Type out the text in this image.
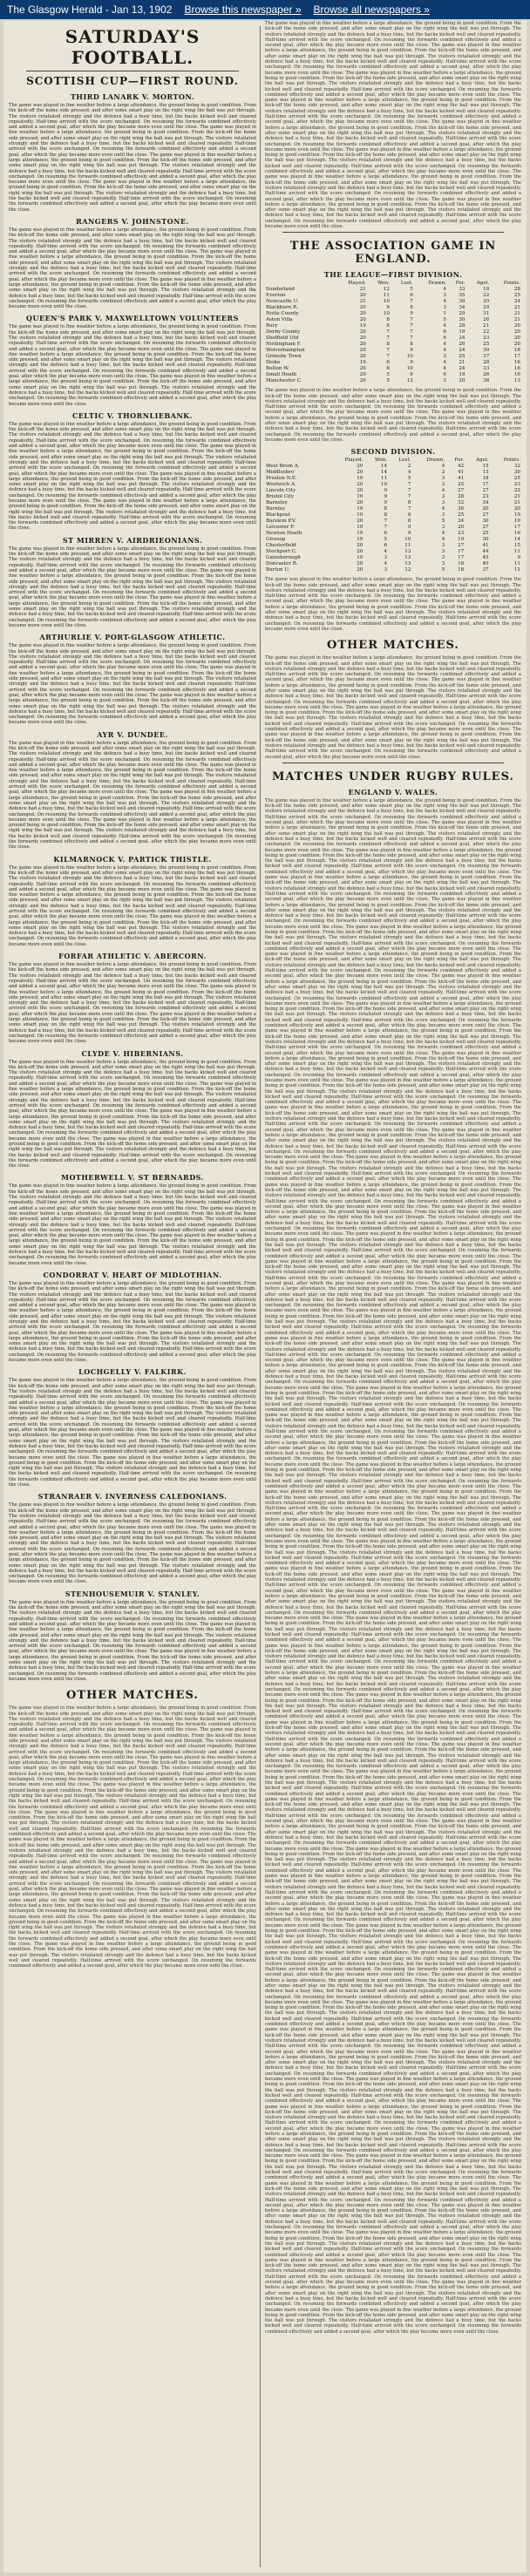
The Glasgow Herald - Jan 13, 1902 Browse this newspaper » Browse all newspapers »
SATURDAY'S FOOTBALL.
SCOTTISH CUP—FIRST ROUND.
THIRD LANARK V. MORTON.

The game was played in fine weather before a large attendance, the ground being in good condition. From the kick-off the home side pressed, and after some smart play on the right wing the ball was put through. The visitors retaliated strongly and the defence had a busy time, but the backs kicked well and cleared repeatedly. Half-time arrived with the score unchanged. On resuming the forwards combined effectively and added a second goal, after which the play became more even until the close. The game was played in fine weather before a large attendance, the ground being in good condition. From the kick-off the home side pressed, and after some smart play on the right wing the ball was put through. The visitors retaliated strongly and the defence had a busy time, but the backs kicked well and cleared repeatedly. Half-time arrived with the score unchanged. On resuming the forwards combined effectively and added a second goal, after which the play became more even until the close. The game was played in fine weather before a large attendance, the ground being in good condition. From the kick-off the home side pressed, and after some smart play on the right wing the ball was put through. The visitors retaliated strongly and the defence had a busy time, but the backs kicked well and cleared repeatedly. Half-time arrived with the score unchanged. On resuming the forwards combined effectively and added a second goal, after which the play became more even until the close. The game was played in fine weather before a large attendance, the ground being in good condition. From the kick-off the home side pressed, and after some smart play on the right wing the ball was put through. The visitors retaliated strongly and the defence had a busy time, but the backs kicked well and cleared repeatedly. Half-time arrived with the score unchanged. On resuming the forwards combined effectively and added a second goal, after which the play became more even until the close.

RANGERS V. JOHNSTONE.

The game was played in fine weather before a large attendance, the ground being in good condition. From the kick-off the home side pressed, and after some smart play on the right wing the ball was put through. The visitors retaliated strongly and the defence had a busy time, but the backs kicked well and cleared repeatedly. Half-time arrived with the score unchanged. On resuming the forwards combined effectively and added a second goal, after which the play became more even until the close. The game was played in fine weather before a large attendance, the ground being in good condition. From the kick-off the home side pressed, and after some smart play on the right wing the ball was put through. The visitors retaliated strongly and the defence had a busy time, but the backs kicked well and cleared repeatedly. Half-time arrived with the score unchanged. On resuming the forwards combined effectively and added a second goal, after which the play became more even until the close. The game was played in fine weather before a large attendance, the ground being in good condition. From the kick-off the home side pressed, and after some smart play on the right wing the ball was put through. The visitors retaliated strongly and the defence had a busy time, but the backs kicked well and cleared repeatedly. Half-time arrived with the score unchanged. On resuming the forwards combined effectively and added a second goal, after which the play became more even until the close.

QUEEN'S PARK V. MAXWELLTOWN VOLUNTEERS

The game was played in fine weather before a large attendance, the ground being in good condition. From the kick-off the home side pressed, and after some smart play on the right wing the ball was put through. The visitors retaliated strongly and the defence had a busy time, but the backs kicked well and cleared repeatedly. Half-time arrived with the score unchanged. On resuming the forwards combined effectively and added a second goal, after which the play became more even until the close. The game was played in fine weather before a large attendance, the ground being in good condition. From the kick-off the home side pressed, and after some smart play on the right wing the ball was put through. The visitors retaliated strongly and the defence had a busy time, but the backs kicked well and cleared repeatedly. Half-time arrived with the score unchanged. On resuming the forwards combined effectively and added a second goal, after which the play became more even until the close. The game was played in fine weather before a large attendance, the ground being in good condition. From the kick-off the home side pressed, and after some smart play on the right wing the ball was put through. The visitors retaliated strongly and the defence had a busy time, but the backs kicked well and cleared repeatedly. Half-time arrived with the score unchanged. On resuming the forwards combined effectively and added a second goal, after which the play became more even until the close.

CELTIC V. THORNLIEBANK.

The game was played in fine weather before a large attendance, the ground being in good condition. From the kick-off the home side pressed, and after some smart play on the right wing the ball was put through. The visitors retaliated strongly and the defence had a busy time, but the backs kicked well and cleared repeatedly. Half-time arrived with the score unchanged. On resuming the forwards combined effectively and added a second goal, after which the play became more even until the close. The game was played in fine weather before a large attendance, the ground being in good condition. From the kick-off the home side pressed, and after some smart play on the right wing the ball was put through. The visitors retaliated strongly and the defence had a busy time, but the backs kicked well and cleared repeatedly. Half-time arrived with the score unchanged. On resuming the forwards combined effectively and added a second goal, after which the play became more even until the close. The game was played in fine weather before a large attendance, the ground being in good condition. From the kick-off the home side pressed, and after some smart play on the right wing the ball was put through. The visitors retaliated strongly and the defence had a busy time, but the backs kicked well and cleared repeatedly. Half-time arrived with the score unchanged. On resuming the forwards combined effectively and added a second goal, after which the play became more even until the close. The game was played in fine weather before a large attendance, the ground being in good condition. From the kick-off the home side pressed, and after some smart play on the right wing the ball was put through. The visitors retaliated strongly and the defence had a busy time, but the backs kicked well and cleared repeatedly. Half-time arrived with the score unchanged. On resuming the forwards combined effectively and added a second goal, after which the play became more even until the close.

ST MIRREN V. AIRDRIEONIANS.

The game was played in fine weather before a large attendance, the ground being in good condition. From the kick-off the home side pressed, and after some smart play on the right wing the ball was put through. The visitors retaliated strongly and the defence had a busy time, but the backs kicked well and cleared repeatedly. Half-time arrived with the score unchanged. On resuming the forwards combined effectively and added a second goal, after which the play became more even until the close. The game was played in fine weather before a large attendance, the ground being in good condition. From the kick-off the home side pressed, and after some smart play on the right wing the ball was put through. The visitors retaliated strongly and the defence had a busy time, but the backs kicked well and cleared repeatedly. Half-time arrived with the score unchanged. On resuming the forwards combined effectively and added a second goal, after which the play became more even until the close. The game was played in fine weather before a large attendance, the ground being in good condition. From the kick-off the home side pressed, and after some smart play on the right wing the ball was put through. The visitors retaliated strongly and the defence had a busy time, but the backs kicked well and cleared repeatedly. Half-time arrived with the score unchanged. On resuming the forwards combined effectively and added a second goal, after which the play became more even until the close.

ARTHURLIE V. PORT-GLASGOW ATHLETIC.

The game was played in fine weather before a large attendance, the ground being in good condition. From the kick-off the home side pressed, and after some smart play on the right wing the ball was put through. The visitors retaliated strongly and the defence had a busy time, but the backs kicked well and cleared repeatedly. Half-time arrived with the score unchanged. On resuming the forwards combined effectively and added a second goal, after which the play became more even until the close. The game was played in fine weather before a large attendance, the ground being in good condition. From the kick-off the home side pressed, and after some smart play on the right wing the ball was put through. The visitors retaliated strongly and the defence had a busy time, but the backs kicked well and cleared repeatedly. Half-time arrived with the score unchanged. On resuming the forwards combined effectively and added a second goal, after which the play became more even until the close. The game was played in fine weather before a large attendance, the ground being in good condition. From the kick-off the home side pressed, and after some smart play on the right wing the ball was put through. The visitors retaliated strongly and the defence had a busy time, but the backs kicked well and cleared repeatedly. Half-time arrived with the score unchanged. On resuming the forwards combined effectively and added a second goal, after which the play became more even until the close.

AYR V. DUNDEE.

The game was played in fine weather before a large attendance, the ground being in good condition. From the kick-off the home side pressed, and after some smart play on the right wing the ball was put through. The visitors retaliated strongly and the defence had a busy time, but the backs kicked well and cleared repeatedly. Half-time arrived with the score unchanged. On resuming the forwards combined effectively and added a second goal, after which the play became more even until the close. The game was played in fine weather before a large attendance, the ground being in good condition. From the kick-off the home side pressed, and after some smart play on the right wing the ball was put through. The visitors retaliated strongly and the defence had a busy time, but the backs kicked well and cleared repeatedly. Half-time arrived with the score unchanged. On resuming the forwards combined effectively and added a second goal, after which the play became more even until the close. The game was played in fine weather before a large attendance, the ground being in good condition. From the kick-off the home side pressed, and after some smart play on the right wing the ball was put through. The visitors retaliated strongly and the defence had a busy time, but the backs kicked well and cleared repeatedly. Half-time arrived with the score unchanged. On resuming the forwards combined effectively and added a second goal, after which the play became more even until the close. The game was played in fine weather before a large attendance, the ground being in good condition. From the kick-off the home side pressed, and after some smart play on the right wing the ball was put through. The visitors retaliated strongly and the defence had a busy time, but the backs kicked well and cleared repeatedly. Half-time arrived with the score unchanged. On resuming the forwards combined effectively and added a second goal, after which the play became more even until the close.

KILMARNOCK V. PARTICK THISTLE.

The game was played in fine weather before a large attendance, the ground being in good condition. From the kick-off the home side pressed, and after some smart play on the right wing the ball was put through. The visitors retaliated strongly and the defence had a busy time, but the backs kicked well and cleared repeatedly. Half-time arrived with the score unchanged. On resuming the forwards combined effectively and added a second goal, after which the play became more even until the close. The game was played in fine weather before a large attendance, the ground being in good condition. From the kick-off the home side pressed, and after some smart play on the right wing the ball was put through. The visitors retaliated strongly and the defence had a busy time, but the backs kicked well and cleared repeatedly. Half-time arrived with the score unchanged. On resuming the forwards combined effectively and added a second goal, after which the play became more even until the close. The game was played in fine weather before a large attendance, the ground being in good condition. From the kick-off the home side pressed, and after some smart play on the right wing the ball was put through. The visitors retaliated strongly and the defence had a busy time, but the backs kicked well and cleared repeatedly. Half-time arrived with the score unchanged. On resuming the forwards combined effectively and added a second goal, after which the play became more even until the close.

FORFAR ATHLETIC V. ABERCORN.

The game was played in fine weather before a large attendance, the ground being in good condition. From the kick-off the home side pressed, and after some smart play on the right wing the ball was put through. The visitors retaliated strongly and the defence had a busy time, but the backs kicked well and cleared repeatedly. Half-time arrived with the score unchanged. On resuming the forwards combined effectively and added a second goal, after which the play became more even until the close. The game was played in fine weather before a large attendance, the ground being in good condition. From the kick-off the home side pressed, and after some smart play on the right wing the ball was put through. The visitors retaliated strongly and the defence had a busy time, but the backs kicked well and cleared repeatedly. Half-time arrived with the score unchanged. On resuming the forwards combined effectively and added a second goal, after which the play became more even until the close. The game was played in fine weather before a large attendance, the ground being in good condition. From the kick-off the home side pressed, and after some smart play on the right wing the ball was put through. The visitors retaliated strongly and the defence had a busy time, but the backs kicked well and cleared repeatedly. Half-time arrived with the score unchanged. On resuming the forwards combined effectively and added a second goal, after which the play became more even until the close.

CLYDE V. HIBERNIANS.

The game was played in fine weather before a large attendance, the ground being in good condition. From the kick-off the home side pressed, and after some smart play on the right wing the ball was put through. The visitors retaliated strongly and the defence had a busy time, but the backs kicked well and cleared repeatedly. Half-time arrived with the score unchanged. On resuming the forwards combined effectively and added a second goal, after which the play became more even until the close. The game was played in fine weather before a large attendance, the ground being in good condition. From the kick-off the home side pressed, and after some smart play on the right wing the ball was put through. The visitors retaliated strongly and the defence had a busy time, but the backs kicked well and cleared repeatedly. Half-time arrived with the score unchanged. On resuming the forwards combined effectively and added a second goal, after which the play became more even until the close. The game was played in fine weather before a large attendance, the ground being in good condition. From the kick-off the home side pressed, and after some smart play on the right wing the ball was put through. The visitors retaliated strongly and the defence had a busy time, but the backs kicked well and cleared repeatedly. Half-time arrived with the score unchanged. On resuming the forwards combined effectively and added a second goal, after which the play became more even until the close. The game was played in fine weather before a large attendance, the ground being in good condition. From the kick-off the home side pressed, and after some smart play on the right wing the ball was put through. The visitors retaliated strongly and the defence had a busy time, but the backs kicked well and cleared repeatedly. Half-time arrived with the score unchanged. On resuming the forwards combined effectively and added a second goal, after which the play became more even until the close.

MOTHERWELL V. ST BERNARDS.

The game was played in fine weather before a large attendance, the ground being in good condition. From the kick-off the home side pressed, and after some smart play on the right wing the ball was put through. The visitors retaliated strongly and the defence had a busy time, but the backs kicked well and cleared repeatedly. Half-time arrived with the score unchanged. On resuming the forwards combined effectively and added a second goal, after which the play became more even until the close. The game was played in fine weather before a large attendance, the ground being in good condition. From the kick-off the home side pressed, and after some smart play on the right wing the ball was put through. The visitors retaliated strongly and the defence had a busy time, but the backs kicked well and cleared repeatedly. Half-time arrived with the score unchanged. On resuming the forwards combined effectively and added a second goal, after which the play became more even until the close. The game was played in fine weather before a large attendance, the ground being in good condition. From the kick-off the home side pressed, and after some smart play on the right wing the ball was put through. The visitors retaliated strongly and the defence had a busy time, but the backs kicked well and cleared repeatedly. Half-time arrived with the score unchanged. On resuming the forwards combined effectively and added a second goal, after which the play became more even until the close.

CONDORRAT V. HEART OF MIDLOTHIAN.

The game was played in fine weather before a large attendance, the ground being in good condition. From the kick-off the home side pressed, and after some smart play on the right wing the ball was put through. The visitors retaliated strongly and the defence had a busy time, but the backs kicked well and cleared repeatedly. Half-time arrived with the score unchanged. On resuming the forwards combined effectively and added a second goal, after which the play became more even until the close. The game was played in fine weather before a large attendance, the ground being in good condition. From the kick-off the home side pressed, and after some smart play on the right wing the ball was put through. The visitors retaliated strongly and the defence had a busy time, but the backs kicked well and cleared repeatedly. Half-time arrived with the score unchanged. On resuming the forwards combined effectively and added a second goal, after which the play became more even until the close. The game was played in fine weather before a large attendance, the ground being in good condition. From the kick-off the home side pressed, and after some smart play on the right wing the ball was put through. The visitors retaliated strongly and the defence had a busy time, but the backs kicked well and cleared repeatedly. Half-time arrived with the score unchanged. On resuming the forwards combined effectively and added a second goal, after which the play became more even until the close.

LOCHGELLY V. FALKIRK.

The game was played in fine weather before a large attendance, the ground being in good condition. From the kick-off the home side pressed, and after some smart play on the right wing the ball was put through. The visitors retaliated strongly and the defence had a busy time, but the backs kicked well and cleared repeatedly. Half-time arrived with the score unchanged. On resuming the forwards combined effectively and added a second goal, after which the play became more even until the close. The game was played in fine weather before a large attendance, the ground being in good condition. From the kick-off the home side pressed, and after some smart play on the right wing the ball was put through. The visitors retaliated strongly and the defence had a busy time, but the backs kicked well and cleared repeatedly. Half-time arrived with the score unchanged. On resuming the forwards combined effectively and added a second goal, after which the play became more even until the close. The game was played in fine weather before a large attendance, the ground being in good condition. From the kick-off the home side pressed, and after some smart play on the right wing the ball was put through. The visitors retaliated strongly and the defence had a busy time, but the backs kicked well and cleared repeatedly. Half-time arrived with the score unchanged. On resuming the forwards combined effectively and added a second goal, after which the play became more even until the close. The game was played in fine weather before a large attendance, the ground being in good condition. From the kick-off the home side pressed, and after some smart play on the right wing the ball was put through. The visitors retaliated strongly and the defence had a busy time, but the backs kicked well and cleared repeatedly. Half-time arrived with the score unchanged. On resuming the forwards combined effectively and added a second goal, after which the play became more even until the close.

STRANRAER V. INVERNESS CALEDONIANS.

The game was played in fine weather before a large attendance, the ground being in good condition. From the kick-off the home side pressed, and after some smart play on the right wing the ball was put through. The visitors retaliated strongly and the defence had a busy time, but the backs kicked well and cleared repeatedly. Half-time arrived with the score unchanged. On resuming the forwards combined effectively and added a second goal, after which the play became more even until the close. The game was played in fine weather before a large attendance, the ground being in good condition. From the kick-off the home side pressed, and after some smart play on the right wing the ball was put through. The visitors retaliated strongly and the defence had a busy time, but the backs kicked well and cleared repeatedly. Half-time arrived with the score unchanged. On resuming the forwards combined effectively and added a second goal, after which the play became more even until the close. The game was played in fine weather before a large attendance, the ground being in good condition. From the kick-off the home side pressed, and after some smart play on the right wing the ball was put through. The visitors retaliated strongly and the defence had a busy time, but the backs kicked well and cleared repeatedly. Half-time arrived with the score unchanged. On resuming the forwards combined effectively and added a second goal, after which the play became more even until the close.

STENHOUSEMUIR V. STANLEY.

The game was played in fine weather before a large attendance, the ground being in good condition. From the kick-off the home side pressed, and after some smart play on the right wing the ball was put through. The visitors retaliated strongly and the defence had a busy time, but the backs kicked well and cleared repeatedly. Half-time arrived with the score unchanged. On resuming the forwards combined effectively and added a second goal, after which the play became more even until the close. The game was played in fine weather before a large attendance, the ground being in good condition. From the kick-off the home side pressed, and after some smart play on the right wing the ball was put through. The visitors retaliated strongly and the defence had a busy time, but the backs kicked well and cleared repeatedly. Half-time arrived with the score unchanged. On resuming the forwards combined effectively and added a second goal, after which the play became more even until the close. The game was played in fine weather before a large attendance, the ground being in good condition. From the kick-off the home side pressed, and after some smart play on the right wing the ball was put through. The visitors retaliated strongly and the defence had a busy time, but the backs kicked well and cleared repeatedly. Half-time arrived with the score unchanged. On resuming the forwards combined effectively and added a second goal, after which the play became more even until the close.

OTHER MATCHES.
The game was played in fine weather before a large attendance, the ground being in good condition. From the kick-off the home side pressed, and after some smart play on the right wing the ball was put through. The visitors retaliated strongly and the defence had a busy time, but the backs kicked well and cleared repeatedly. Half-time arrived with the score unchanged. On resuming the forwards combined effectively and added a second goal, after which the play became more even until the close. The game was played in fine weather before a large attendance, the ground being in good condition. From the kick-off the home side pressed, and after some smart play on the right wing the ball was put through. The visitors retaliated strongly and the defence had a busy time, but the backs kicked well and cleared repeatedly. Half-time arrived with the score unchanged. On resuming the forwards combined effectively and added a second goal, after which the play became more even until the close. The game was played in fine weather before a large attendance, the ground being in good condition. From the kick-off the home side pressed, and after some smart play on the right wing the ball was put through. The visitors retaliated strongly and the defence had a busy time, but the backs kicked well and cleared repeatedly. Half-time arrived with the score unchanged. On resuming the forwards combined effectively and added a second goal, after which the play became more even until the close. The game was played in fine weather before a large attendance, the ground being in good condition. From the kick-off the home side pressed, and after some smart play on the right wing the ball was put through. The visitors retaliated strongly and the defence had a busy time, but the backs kicked well and cleared repeatedly. Half-time arrived with the score unchanged. On resuming the forwards combined effectively and added a second goal, after which the play became more even until the close. The game was played in fine weather before a large attendance, the ground being in good condition. From the kick-off the home side pressed, and after some smart play on the right wing the ball was put through. The visitors retaliated strongly and the defence had a busy time, but the backs kicked well and cleared repeatedly. Half-time arrived with the score unchanged. On resuming the forwards combined effectively and added a second goal, after which the play became more even until the close. The game was played in fine weather before a large attendance, the ground being in good condition. From the kick-off the home side pressed, and after some smart play on the right wing the ball was put through. The visitors retaliated strongly and the defence had a busy time, but the backs kicked well and cleared repeatedly. Half-time arrived with the score unchanged. On resuming the forwards combined effectively and added a second goal, after which the play became more even until the close. The game was played in fine weather before a large attendance, the ground being in good condition. From the kick-off the home side pressed, and after some smart play on the right wing the ball was put through. The visitors retaliated strongly and the defence had a busy time, but the backs kicked well and cleared repeatedly. Half-time arrived with the score unchanged. On resuming the forwards combined effectively and added a second goal, after which the play became more even until the close. The game was played in fine weather before a large attendance, the ground being in good condition. From the kick-off the home side pressed, and after some smart play on the right wing the ball was put through. The visitors retaliated strongly and the defence had a busy time, but the backs kicked well and cleared repeatedly. Half-time arrived with the score unchanged. On resuming the forwards combined effectively and added a second goal, after which the play became more even until the close. The game was played in fine weather before a large attendance, the ground being in good condition. From the kick-off the home side pressed, and after some smart play on the right wing the ball was put through. The visitors retaliated strongly and the defence had a busy time, but the backs kicked well and cleared repeatedly. Half-time arrived with the score unchanged. On resuming the forwards combined effectively and added a second goal, after which the play became more even until the close. The game was played in fine weather before a large attendance, the ground being in good condition. From the kick-off the home side pressed, and after some smart play on the right wing the ball was put through. The visitors retaliated strongly and the defence had a busy time, but the backs kicked well and cleared repeatedly. Half-time arrived with the score unchanged. On resuming the forwards combined effectively and added a second goal, after which the play became more even until the close.
The game was played in fine weather before a large attendance, the ground being in good condition. From the kick-off the home side pressed, and after some smart play on the right wing the ball was put through. The visitors retaliated strongly and the defence had a busy time, but the backs kicked well and cleared repeatedly. Half-time arrived with the score unchanged. On resuming the forwards combined effectively and added a second goal, after which the play became more even until the close. The game was played in fine weather before a large attendance, the ground being in good condition. From the kick-off the home side pressed, and after some smart play on the right wing the ball was put through. The visitors retaliated strongly and the defence had a busy time, but the backs kicked well and cleared repeatedly. Half-time arrived with the score unchanged. On resuming the forwards combined effectively and added a second goal, after which the play became more even until the close. The game was played in fine weather before a large attendance, the ground being in good condition. From the kick-off the home side pressed, and after some smart play on the right wing the ball was put through. The visitors retaliated strongly and the defence had a busy time, but the backs kicked well and cleared repeatedly. Half-time arrived with the score unchanged. On resuming the forwards combined effectively and added a second goal, after which the play became more even until the close. The game was played in fine weather before a large attendance, the ground being in good condition. From the kick-off the home side pressed, and after some smart play on the right wing the ball was put through. The visitors retaliated strongly and the defence had a busy time, but the backs kicked well and cleared repeatedly. Half-time arrived with the score unchanged. On resuming the forwards combined effectively and added a second goal, after which the play became more even until the close. The game was played in fine weather before a large attendance, the ground being in good condition. From the kick-off the home side pressed, and after some smart play on the right wing the ball was put through. The visitors retaliated strongly and the defence had a busy time, but the backs kicked well and cleared repeatedly. Half-time arrived with the score unchanged. On resuming the forwards combined effectively and added a second goal, after which the play became more even until the close. The game was played in fine weather before a large attendance, the ground being in good condition. From the kick-off the home side pressed, and after some smart play on the right wing the ball was put through. The visitors retaliated strongly and the defence had a busy time, but the backs kicked well and cleared repeatedly. Half-time arrived with the score unchanged. On resuming the forwards combined effectively and added a second goal, after which the play became more even until the close. The game was played in fine weather before a large attendance, the ground being in good condition. From the kick-off the home side pressed, and after some smart play on the right wing the ball was put through. The visitors retaliated strongly and the defence had a busy time, but the backs kicked well and cleared repeatedly. Half-time arrived with the score unchanged. On resuming the forwards combined effectively and added a second goal, after which the play became more even until the close. The game was played in fine weather before a large attendance, the ground being in good condition. From the kick-off the home side pressed, and after some smart play on the right wing the ball was put through. The visitors retaliated strongly and the defence had a busy time, but the backs kicked well and cleared repeatedly. Half-time arrived with the score unchanged. On resuming the forwards combined effectively and added a second goal, after which the play became more even until the close.
THE ASSOCIATION GAME IN ENGLAND.
THE LEAGUE—FIRST DIVISION.
	Played.	Won.	Lost.	Drawn.	For.	Agst.	Points.
Sunderland	21	12	5	4	33	18	28
Everton	20	11	6	3	35	22	25
Newcastle U.	21	10	7	4	30	20	24
Blackburn R.	20	9	8	3	34	29	21
Notts County	20	10	9	1	29	31	21
Aston Villa	20	8	7	5	30	26	21
Bury	19	8	7	4	28	21	20
Derby County	20	7	7	6	19	22	20
Sheffield Utd	20	7	7	6	24	23	20
Nottingham F.	20	8	8	4	26	25	20
Wolverhampton	20	7	9	4	24	30	18
Grimsby Town	20	7	10	3	25	37	17
Stoke	19	6	9	4	21	28	16
Bolton W.	20	6	10	4	24	33	16
Small Heath	20	5	9	6	19	26	16
Manchester C.	20	5	12	3	20	36	13
The game was played in fine weather before a large attendance, the ground being in good condition. From the kick-off the home side pressed, and after some smart play on the right wing the ball was put through. The visitors retaliated strongly and the defence had a busy time, but the backs kicked well and cleared repeatedly. Half-time arrived with the score unchanged. On resuming the forwards combined effectively and added a second goal, after which the play became more even until the close. The game was played in fine weather before a large attendance, the ground being in good condition. From the kick-off the home side pressed, and after some smart play on the right wing the ball was put through. The visitors retaliated strongly and the defence had a busy time, but the backs kicked well and cleared repeatedly. Half-time arrived with the score unchanged. On resuming the forwards combined effectively and added a second goal, after which the play became more even until the close.
SECOND DIVISION.
	Played.	Won.	Lost.	Drawn.	For.	Agst.	Points.
West Brom A.	20	14	2	4	42	15	32
Middlesbro'	20	14	4	2	41	13	30
Preston N.E.	19	11	5	3	41	18	25
Woolwich A.	20	10	7	3	25	17	23
Lincoln City	20	9	7	4	27	27	22
Bristol City	19	9	7	3	28	23	21
Barnsley	20	9	8	3	32	34	21
Burnley	19	8	7	4	26	20	20
Blackpool	19	8	8	3	25	27	19
Burslem P.V.	20	7	8	5	24	30	19
Leicester F.	19	7	9	3	20	27	17
Newton Heath	19	6	9	4	23	25	16
Glossop	19	5	10	4	19	30	14
Chesterfield	20	6	11	3	27	41	15
Stockport C.	20	4	13	3	17	44	11
Gainsborough	19	3	13	3	17	45	9
Doncaster R.	20	4	13	3	18	40	11
Burton U.	20	3	12	5	18	37	11
The game was played in fine weather before a large attendance, the ground being in good condition. From the kick-off the home side pressed, and after some smart play on the right wing the ball was put through. The visitors retaliated strongly and the defence had a busy time, but the backs kicked well and cleared repeatedly. Half-time arrived with the score unchanged. On resuming the forwards combined effectively and added a second goal, after which the play became more even until the close. The game was played in fine weather before a large attendance, the ground being in good condition. From the kick-off the home side pressed, and after some smart play on the right wing the ball was put through. The visitors retaliated strongly and the defence had a busy time, but the backs kicked well and cleared repeatedly. Half-time arrived with the score unchanged. On resuming the forwards combined effectively and added a second goal, after which the play became more even until the close.
OTHER MATCHES.
The game was played in fine weather before a large attendance, the ground being in good condition. From the kick-off the home side pressed, and after some smart play on the right wing the ball was put through. The visitors retaliated strongly and the defence had a busy time, but the backs kicked well and cleared repeatedly. Half-time arrived with the score unchanged. On resuming the forwards combined effectively and added a second goal, after which the play became more even until the close. The game was played in fine weather before a large attendance, the ground being in good condition. From the kick-off the home side pressed, and after some smart play on the right wing the ball was put through. The visitors retaliated strongly and the defence had a busy time, but the backs kicked well and cleared repeatedly. Half-time arrived with the score unchanged. On resuming the forwards combined effectively and added a second goal, after which the play became more even until the close. The game was played in fine weather before a large attendance, the ground being in good condition. From the kick-off the home side pressed, and after some smart play on the right wing the ball was put through. The visitors retaliated strongly and the defence had a busy time, but the backs kicked well and cleared repeatedly. Half-time arrived with the score unchanged. On resuming the forwards combined effectively and added a second goal, after which the play became more even until the close. The game was played in fine weather before a large attendance, the ground being in good condition. From the kick-off the home side pressed, and after some smart play on the right wing the ball was put through. The visitors retaliated strongly and the defence had a busy time, but the backs kicked well and cleared repeatedly. Half-time arrived with the score unchanged. On resuming the forwards combined effectively and added a second goal, after which the play became more even until the close.
MATCHES UNDER RUGBY RULES.
ENGLAND V. WALES.
The game was played in fine weather before a large attendance, the ground being in good condition. From the kick-off the home side pressed, and after some smart play on the right wing the ball was put through. The visitors retaliated strongly and the defence had a busy time, but the backs kicked well and cleared repeatedly. Half-time arrived with the score unchanged. On resuming the forwards combined effectively and added a second goal, after which the play became more even until the close. The game was played in fine weather before a large attendance, the ground being in good condition. From the kick-off the home side pressed, and after some smart play on the right wing the ball was put through. The visitors retaliated strongly and the defence had a busy time, but the backs kicked well and cleared repeatedly. Half-time arrived with the score unchanged. On resuming the forwards combined effectively and added a second goal, after which the play became more even until the close. The game was played in fine weather before a large attendance, the ground being in good condition. From the kick-off the home side pressed, and after some smart play on the right wing the ball was put through. The visitors retaliated strongly and the defence had a busy time, but the backs kicked well and cleared repeatedly. Half-time arrived with the score unchanged. On resuming the forwards combined effectively and added a second goal, after which the play became more even until the close. The game was played in fine weather before a large attendance, the ground being in good condition. From the kick-off the home side pressed, and after some smart play on the right wing the ball was put through. The visitors retaliated strongly and the defence had a busy time, but the backs kicked well and cleared repeatedly. Half-time arrived with the score unchanged. On resuming the forwards combined effectively and added a second goal, after which the play became more even until the close. The game was played in fine weather before a large attendance, the ground being in good condition. From the kick-off the home side pressed, and after some smart play on the right wing the ball was put through. The visitors retaliated strongly and the defence had a busy time, but the backs kicked well and cleared repeatedly. Half-time arrived with the score unchanged. On resuming the forwards combined effectively and added a second goal, after which the play became more even until the close. The game was played in fine weather before a large attendance, the ground being in good condition. From the kick-off the home side pressed, and after some smart play on the right wing the ball was put through. The visitors retaliated strongly and the defence had a busy time, but the backs kicked well and cleared repeatedly. Half-time arrived with the score unchanged. On resuming the forwards combined effectively and added a second goal, after which the play became more even until the close. The game was played in fine weather before a large attendance, the ground being in good condition. From the kick-off the home side pressed, and after some smart play on the right wing the ball was put through. The visitors retaliated strongly and the defence had a busy time, but the backs kicked well and cleared repeatedly. Half-time arrived with the score unchanged. On resuming the forwards combined effectively and added a second goal, after which the play became more even until the close. The game was played in fine weather before a large attendance, the ground being in good condition. From the kick-off the home side pressed, and after some smart play on the right wing the ball was put through. The visitors retaliated strongly and the defence had a busy time, but the backs kicked well and cleared repeatedly. Half-time arrived with the score unchanged. On resuming the forwards combined effectively and added a second goal, after which the play became more even until the close. The game was played in fine weather before a large attendance, the ground being in good condition. From the kick-off the home side pressed, and after some smart play on the right wing the ball was put through. The visitors retaliated strongly and the defence had a busy time, but the backs kicked well and cleared repeatedly. Half-time arrived with the score unchanged. On resuming the forwards combined effectively and added a second goal, after which the play became more even until the close. The game was played in fine weather before a large attendance, the ground being in good condition. From the kick-off the home side pressed, and after some smart play on the right wing the ball was put through. The visitors retaliated strongly and the defence had a busy time, but the backs kicked well and cleared repeatedly. Half-time arrived with the score unchanged. On resuming the forwards combined effectively and added a second goal, after which the play became more even until the close. The game was played in fine weather before a large attendance, the ground being in good condition. From the kick-off the home side pressed, and after some smart play on the right wing the ball was put through. The visitors retaliated strongly and the defence had a busy time, but the backs kicked well and cleared repeatedly. Half-time arrived with the score unchanged. On resuming the forwards combined effectively and added a second goal, after which the play became more even until the close. The game was played in fine weather before a large attendance, the ground being in good condition. From the kick-off the home side pressed, and after some smart play on the right wing the ball was put through. The visitors retaliated strongly and the defence had a busy time, but the backs kicked well and cleared repeatedly. Half-time arrived with the score unchanged. On resuming the forwards combined effectively and added a second goal, after which the play became more even until the close. The game was played in fine weather before a large attendance, the ground being in good condition. From the kick-off the home side pressed, and after some smart play on the right wing the ball was put through. The visitors retaliated strongly and the defence had a busy time, but the backs kicked well and cleared repeatedly. Half-time arrived with the score unchanged. On resuming the forwards combined effectively and added a second goal, after which the play became more even until the close. The game was played in fine weather before a large attendance, the ground being in good condition. From the kick-off the home side pressed, and after some smart play on the right wing the ball was put through. The visitors retaliated strongly and the defence had a busy time, but the backs kicked well and cleared repeatedly. Half-time arrived with the score unchanged. On resuming the forwards combined effectively and added a second goal, after which the play became more even until the close. The game was played in fine weather before a large attendance, the ground being in good condition. From the kick-off the home side pressed, and after some smart play on the right wing the ball was put through. The visitors retaliated strongly and the defence had a busy time, but the backs kicked well and cleared repeatedly. Half-time arrived with the score unchanged. On resuming the forwards combined effectively and added a second goal, after which the play became more even until the close. The game was played in fine weather before a large attendance, the ground being in good condition. From the kick-off the home side pressed, and after some smart play on the right wing the ball was put through. The visitors retaliated strongly and the defence had a busy time, but the backs kicked well and cleared repeatedly. Half-time arrived with the score unchanged. On resuming the forwards combined effectively and added a second goal, after which the play became more even until the close. The game was played in fine weather before a large attendance, the ground being in good condition. From the kick-off the home side pressed, and after some smart play on the right wing the ball was put through. The visitors retaliated strongly and the defence had a busy time, but the backs kicked well and cleared repeatedly. Half-time arrived with the score unchanged. On resuming the forwards combined effectively and added a second goal, after which the play became more even until the close. The game was played in fine weather before a large attendance, the ground being in good condition. From the kick-off the home side pressed, and after some smart play on the right wing the ball was put through. The visitors retaliated strongly and the defence had a busy time, but the backs kicked well and cleared repeatedly. Half-time arrived with the score unchanged. On resuming the forwards combined effectively and added a second goal, after which the play became more even until the close. The game was played in fine weather before a large attendance, the ground being in good condition. From the kick-off the home side pressed, and after some smart play on the right wing the ball was put through. The visitors retaliated strongly and the defence had a busy time, but the backs kicked well and cleared repeatedly. Half-time arrived with the score unchanged. On resuming the forwards combined effectively and added a second goal, after which the play became more even until the close. The game was played in fine weather before a large attendance, the ground being in good condition. From the kick-off the home side pressed, and after some smart play on the right wing the ball was put through. The visitors retaliated strongly and the defence had a busy time, but the backs kicked well and cleared repeatedly. Half-time arrived with the score unchanged. On resuming the forwards combined effectively and added a second goal, after which the play became more even until the close. The game was played in fine weather before a large attendance, the ground being in good condition. From the kick-off the home side pressed, and after some smart play on the right wing the ball was put through. The visitors retaliated strongly and the defence had a busy time, but the backs kicked well and cleared repeatedly. Half-time arrived with the score unchanged. On resuming the forwards combined effectively and added a second goal, after which the play became more even until the close. The game was played in fine weather before a large attendance, the ground being in good condition. From the kick-off the home side pressed, and after some smart play on the right wing the ball was put through. The visitors retaliated strongly and the defence had a busy time, but the backs kicked well and cleared repeatedly. Half-time arrived with the score unchanged. On resuming the forwards combined effectively and added a second goal, after which the play became more even until the close. The game was played in fine weather before a large attendance, the ground being in good condition. From the kick-off the home side pressed, and after some smart play on the right wing the ball was put through. The visitors retaliated strongly and the defence had a busy time, but the backs kicked well and cleared repeatedly. Half-time arrived with the score unchanged. On resuming the forwards combined effectively and added a second goal, after which the play became more even until the close. The game was played in fine weather before a large attendance, the ground being in good condition. From the kick-off the home side pressed, and after some smart play on the right wing the ball was put through. The visitors retaliated strongly and the defence had a busy time, but the backs kicked well and cleared repeatedly. Half-time arrived with the score unchanged. On resuming the forwards combined effectively and added a second goal, after which the play became more even until the close. The game was played in fine weather before a large attendance, the ground being in good condition. From the kick-off the home side pressed, and after some smart play on the right wing the ball was put through. The visitors retaliated strongly and the defence had a busy time, but the backs kicked well and cleared repeatedly. Half-time arrived with the score unchanged. On resuming the forwards combined effectively and added a second goal, after which the play became more even until the close. The game was played in fine weather before a large attendance, the ground being in good condition. From the kick-off the home side pressed, and after some smart play on the right wing the ball was put through. The visitors retaliated strongly and the defence had a busy time, but the backs kicked well and cleared repeatedly. Half-time arrived with the score unchanged. On resuming the forwards combined effectively and added a second goal, after which the play became more even until the close. The game was played in fine weather before a large attendance, the ground being in good condition. From the kick-off the home side pressed, and after some smart play on the right wing the ball was put through. The visitors retaliated strongly and the defence had a busy time, but the backs kicked well and cleared repeatedly. Half-time arrived with the score unchanged. On resuming the forwards combined effectively and added a second goal, after which the play became more even until the close. The game was played in fine weather before a large attendance, the ground being in good condition. From the kick-off the home side pressed, and after some smart play on the right wing the ball was put through. The visitors retaliated strongly and the defence had a busy time, but the backs kicked well and cleared repeatedly. Half-time arrived with the score unchanged. On resuming the forwards combined effectively and added a second goal, after which the play became more even until the close. The game was played in fine weather before a large attendance, the ground being in good condition. From the kick-off the home side pressed, and after some smart play on the right wing the ball was put through. The visitors retaliated strongly and the defence had a busy time, but the backs kicked well and cleared repeatedly. Half-time arrived with the score unchanged. On resuming the forwards combined effectively and added a second goal, after which the play became more even until the close. The game was played in fine weather before a large attendance, the ground being in good condition. From the kick-off the home side pressed, and after some smart play on the right wing the ball was put through. The visitors retaliated strongly and the defence had a busy time, but the backs kicked well and cleared repeatedly. Half-time arrived with the score unchanged. On resuming the forwards combined effectively and added a second goal, after which the play became more even until the close. The game was played in fine weather before a large attendance, the ground being in good condition. From the kick-off the home side pressed, and after some smart play on the right wing the ball was put through. The visitors retaliated strongly and the defence had a busy time, but the backs kicked well and cleared repeatedly. Half-time arrived with the score unchanged. On resuming the forwards combined effectively and added a second goal, after which the play became more even until the close. The game was played in fine weather before a large attendance, the ground being in good condition. From the kick-off the home side pressed, and after some smart play on the right wing the ball was put through. The visitors retaliated strongly and the defence had a busy time, but the backs kicked well and cleared repeatedly. Half-time arrived with the score unchanged. On resuming the forwards combined effectively and added a second goal, after which the play became more even until the close. The game was played in fine weather before a large attendance, the ground being in good condition. From the kick-off the home side pressed, and after some smart play on the right wing the ball was put through. The visitors retaliated strongly and the defence had a busy time, but the backs kicked well and cleared repeatedly. Half-time arrived with the score unchanged. On resuming the forwards combined effectively and added a second goal, after which the play became more even until the close. The game was played in fine weather before a large attendance, the ground being in good condition. From the kick-off the home side pressed, and after some smart play on the right wing the ball was put through. The visitors retaliated strongly and the defence had a busy time, but the backs kicked well and cleared repeatedly. Half-time arrived with the score unchanged. On resuming the forwards combined effectively and added a second goal, after which the play became more even until the close. The game was played in fine weather before a large attendance, the ground being in good condition. From the kick-off the home side pressed, and after some smart play on the right wing the ball was put through. The visitors retaliated strongly and the defence had a busy time, but the backs kicked well and cleared repeatedly. Half-time arrived with the score unchanged. On resuming the forwards combined effectively and added a second goal, after which the play became more even until the close. The game was played in fine weather before a large attendance, the ground being in good condition. From the kick-off the home side pressed, and after some smart play on the right wing the ball was put through. The visitors retaliated strongly and the defence had a busy time, but the backs kicked well and cleared repeatedly. Half-time arrived with the score unchanged. On resuming the forwards combined effectively and added a second goal, after which the play became more even until the close. The game was played in fine weather before a large attendance, the ground being in good condition. From the kick-off the home side pressed, and after some smart play on the right wing the ball was put through. The visitors retaliated strongly and the defence had a busy time, but the backs kicked well and cleared repeatedly. Half-time arrived with the score unchanged. On resuming the forwards combined effectively and added a second goal, after which the play became more even until the close. The game was played in fine weather before a large attendance, the ground being in good condition. From the kick-off the home side pressed, and after some smart play on the right wing the ball was put through. The visitors retaliated strongly and the defence had a busy time, but the backs kicked well and cleared repeatedly. Half-time arrived with the score unchanged. On resuming the forwards combined effectively and added a second goal, after which the play became more even until the close. The game was played in fine weather before a large attendance, the ground being in good condition. From the kick-off the home side pressed, and after some smart play on the right wing the ball was put through. The visitors retaliated strongly and the defence had a busy time, but the backs kicked well and cleared repeatedly. Half-time arrived with the score unchanged. On resuming the forwards combined effectively and added a second goal, after which the play became more even until the close. The game was played in fine weather before a large attendance, the ground being in good condition. From the kick-off the home side pressed, and after some smart play on the right wing the ball was put through. The visitors retaliated strongly and the defence had a busy time, but the backs kicked well and cleared repeatedly. Half-time arrived with the score unchanged. On resuming the forwards combined effectively and added a second goal, after which the play became more even until the close. The game was played in fine weather before a large attendance, the ground being in good condition. From the kick-off the home side pressed, and after some smart play on the right wing the ball was put through. The visitors retaliated strongly and the defence had a busy time, but the backs kicked well and cleared repeatedly. Half-time arrived with the score unchanged. On resuming the forwards combined effectively and added a second goal, after which the play became more even until the close. The game was played in fine weather before a large attendance, the ground being in good condition. From the kick-off the home side pressed, and after some smart play on the right wing the ball was put through. The visitors retaliated strongly and the defence had a busy time, but the backs kicked well and cleared repeatedly. Half-time arrived with the score unchanged. On resuming the forwards combined effectively and added a second goal, after which the play became more even until the close. The game was played in fine weather before a large attendance, the ground being in good condition. From the kick-off the home side pressed, and after some smart play on the right wing the ball was put through. The visitors retaliated strongly and the defence had a busy time, but the backs kicked well and cleared repeatedly. Half-time arrived with the score unchanged. On resuming the forwards combined effectively and added a second goal, after which the play became more even until the close. The game was played in fine weather before a large attendance, the ground being in good condition. From the kick-off the home side pressed, and after some smart play on the right wing the ball was put through. The visitors retaliated strongly and the defence had a busy time, but the backs kicked well and cleared repeatedly. Half-time arrived with the score unchanged. On resuming the forwards combined effectively and added a second goal, after which the play became more even until the close. The game was played in fine weather before a large attendance, the ground being in good condition. From the kick-off the home side pressed, and after some smart play on the right wing the ball was put through. The visitors retaliated strongly and the defence had a busy time, but the backs kicked well and cleared repeatedly. Half-time arrived with the score unchanged. On resuming the forwards combined effectively and added a second goal, after which the play became more even until the close. The game was played in fine weather before a large attendance, the ground being in good condition. From the kick-off the home side pressed, and after some smart play on the right wing the ball was put through. The visitors retaliated strongly and the defence had a busy time, but the backs kicked well and cleared repeatedly. Half-time arrived with the score unchanged. On resuming the forwards combined effectively and added a second goal, after which the play became more even until the close. The game was played in fine weather before a large attendance, the ground being in good condition. From the kick-off the home side pressed, and after some smart play on the right wing the ball was put through. The visitors retaliated strongly and the defence had a busy time, but the backs kicked well and cleared repeatedly. Half-time arrived with the score unchanged. On resuming the forwards combined effectively and added a second goal, after which the play became more even until the close. The game was played in fine weather before a large attendance, the ground being in good condition. From the kick-off the home side pressed, and after some smart play on the right wing the ball was put through. The visitors retaliated strongly and the defence had a busy time, but the backs kicked well and cleared repeatedly. Half-time arrived with the score unchanged. On resuming the forwards combined effectively and added a second goal, after which the play became more even until the close. The game was played in fine weather before a large attendance, the ground being in good condition. From the kick-off the home side pressed, and after some smart play on the right wing the ball was put through. The visitors retaliated strongly and the defence had a busy time, but the backs kicked well and cleared repeatedly. Half-time arrived with the score unchanged. On resuming the forwards combined effectively and added a second goal, after which the play became more even until the close. The game was played in fine weather before a large attendance, the ground being in good condition. From the kick-off the home side pressed, and after some smart play on the right wing the ball was put through. The visitors retaliated strongly and the defence had a busy time, but the backs kicked well and cleared repeatedly. Half-time arrived with the score unchanged. On resuming the forwards combined effectively and added a second goal, after which the play became more even until the close. The game was played in fine weather before a large attendance, the ground being in good condition. From the kick-off the home side pressed, and after some smart play on the right wing the ball was put through. The visitors retaliated strongly and the defence had a busy time, but the backs kicked well and cleared repeatedly. Half-time arrived with the score unchanged. On resuming the forwards combined effectively and added a second goal, after which the play became more even until the close. The game was played in fine weather before a large attendance, the ground being in good condition. From the kick-off the home side pressed, and after some smart play on the right wing the ball was put through. The visitors retaliated strongly and the defence had a busy time, but the backs kicked well and cleared repeatedly. Half-time arrived with the score unchanged. On resuming the forwards combined effectively and added a second goal, after which the play became more even until the close. The game was played in fine weather before a large attendance, the ground being in good condition. From the kick-off the home side pressed, and after some smart play on the right wing the ball was put through. The visitors retaliated strongly and the defence had a busy time, but the backs kicked well and cleared repeatedly. Half-time arrived with the score unchanged. On resuming the forwards combined effectively and added a second goal, after which the play became more even until the close. The game was played in fine weather before a large attendance, the ground being in good condition. From the kick-off the home side pressed, and after some smart play on the right wing the ball was put through. The visitors retaliated strongly and the defence had a busy time, but the backs kicked well and cleared repeatedly. Half-time arrived with the score unchanged. On resuming the forwards combined effectively and added a second goal, after which the play became more even until the close. The game was played in fine weather before a large attendance, the ground being in good condition. From the kick-off the home side pressed, and after some smart play on the right wing the ball was put through. The visitors retaliated strongly and the defence had a busy time, but the backs kicked well and cleared repeatedly. Half-time arrived with the score unchanged. On resuming the forwards combined effectively and added a second goal, after which the play became more even until the close. The game was played in fine weather before a large attendance, the ground being in good condition. From the kick-off the home side pressed, and after some smart play on the right wing the ball was put through. The visitors retaliated strongly and the defence had a busy time, but the backs kicked well and cleared repeatedly. Half-time arrived with the score unchanged. On resuming the forwards combined effectively and added a second goal, after which the play became more even until the close. The game was played in fine weather before a large attendance, the ground being in good condition. From the kick-off the home side pressed, and after some smart play on the right wing the ball was put through. The visitors retaliated strongly and the defence had a busy time, but the backs kicked well and cleared repeatedly. Half-time arrived with the score unchanged. On resuming the forwards combined effectively and added a second goal, after which the play became more even until the close. The game was played in fine weather before a large attendance, the ground being in good condition. From the kick-off the home side pressed, and after some smart play on the right wing the ball was put through. The visitors retaliated strongly and the defence had a busy time, but the backs kicked well and cleared repeatedly. Half-time arrived with the score unchanged. On resuming the forwards combined effectively and added a second goal, after which the play became more even until the close. The game was played in fine weather before a large attendance, the ground being in good condition. From the kick-off the home side pressed, and after some smart play on the right wing the ball was put through. The visitors retaliated strongly and the defence had a busy time, but the backs kicked well and cleared repeatedly. Half-time arrived with the score unchanged. On resuming the forwards combined effectively and added a second goal, after which the play became more even until the close. The game was played in fine weather before a large attendance, the ground being in good condition. From the kick-off the home side pressed, and after some smart play on the right wing the ball was put through. The visitors retaliated strongly and the defence had a busy time, but the backs kicked well and cleared repeatedly. Half-time arrived with the score unchanged. On resuming the forwards combined effectively and added a second goal, after which the play became more even until the close.
